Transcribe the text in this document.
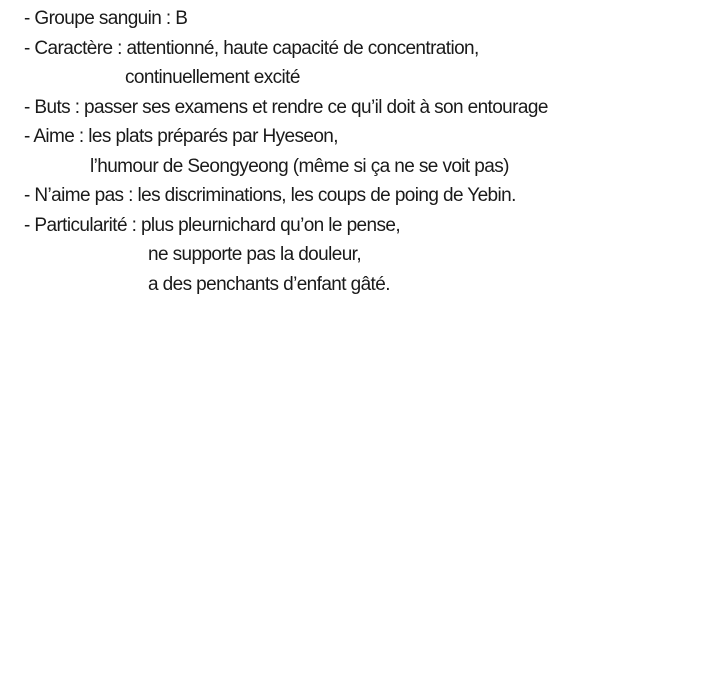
- Groupe sanguin : B
- Caractère : attentionné, haute capacité de concentration,
continuellement excité
- Buts : passer ses examens et rendre ce qu’il doit à son entourage
- Aime : les plats préparés par Hyeseon,
l’humour de Seongyeong (même si ça ne se voit pas)
- N’aime pas : les discriminations, les coups de poing de Yebin.
- Particularité : plus pleurnichard qu’on le pense,
ne supporte pas la douleur,
a des penchants d’enfant gâté.
